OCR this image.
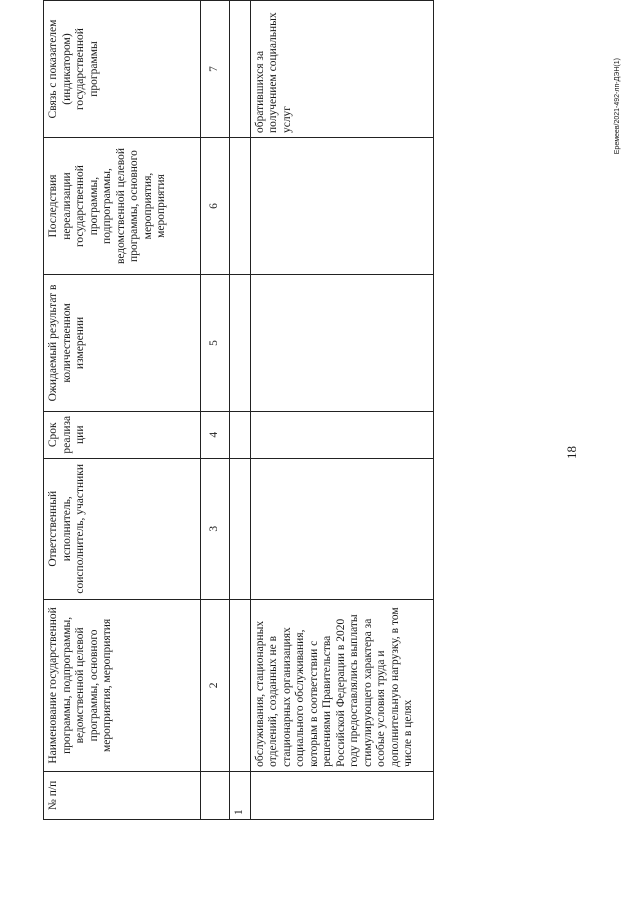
18
№ п/п	Наименование государственной программы, подпрограммы, ведомственной целевой программы, основного мероприятия, мероприятия	Ответственный исполнитель, соисполнитель, участники	Срок реализа ции	Ожидаемый результат в количественном измерении	Последствия нереализации государственной программы, подпрограммы, ведомственной целевой программы, основного мероприятия, мероприятия	Связь с показателем (индикатором) государственной программы
	2	3	4	5	6	7
1						
	обслуживания, стационарных отделений, созданных не в стационарных организациях социального обслуживания, которым в соответствии с решениями Правительства Российской Федерации в 2020 году предоставлялись выплаты стимулирующего характера за особые условия труда и дополнительную нагрузку, в том числе в целях					обратившихся за получением социальных услуг	Еремеев/2021-492-лп-ДЭН(1)
